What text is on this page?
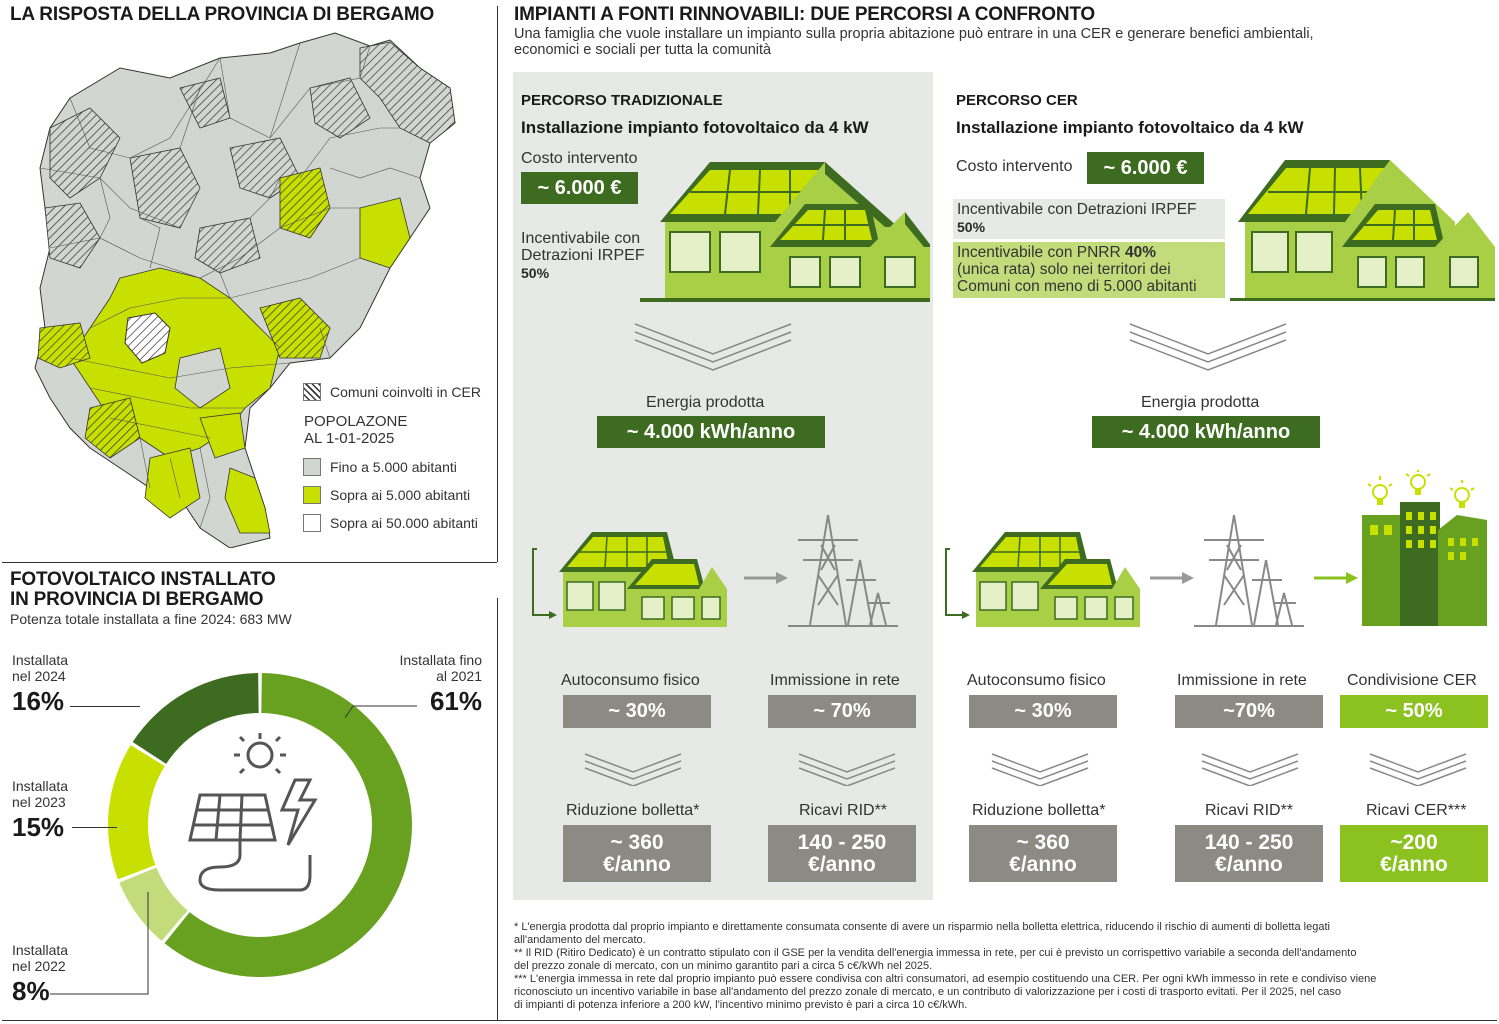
LA RISPOSTA DELLA PROVINCIA DI BERGAMO
Comuni coinvolti in CER
POPOLAZONE
AL 1-01-2025
Fino a 5.000 abitanti
Sopra ai 5.000 abitanti
Sopra ai 50.000 abitanti
FOTOVOLTAICO INSTALLATO
IN PROVINCIA DI BERGAMO
Potenza totale installata a fine 2024: 683 MW
Installata
nel 2024
16%
Installata
nel 2023
15%
Installata
nel 2022
8%
Installata fino
al 2021
61%
IMPIANTI A FONTI RINNOVABILI: DUE PERCORSI A CONFRONTO
Una famiglia che vuole installare un impianto sulla propria abitazione può entrare in una CER e generare benefici ambientali,
economici e sociali per tutta la comunità
PERCORSO TRADIZIONALE
Installazione impianto fotovoltaico da 4 kW
Costo intervento
~ 6.000 €
Incentivabile con
Detrazioni IRPEF
50%
Energia prodotta
~ 4.000 kWh/anno
Autoconsumo fisico
~ 30%
Immissione in rete
~ 70%
Riduzione bolletta*
~ 360
€/anno
Ricavi RID**
140 - 250
€/anno
PERCORSO CER
Installazione impianto fotovoltaico da 4 kW
Costo intervento	~ 6.000 €
Incentivabile con Detrazioni IRPEF
50%
Incentivabile con PNRR 40%
(unica rata) solo nei territori dei
Comuni con meno di 5.000 abitanti
Energia prodotta
~ 4.000 kWh/anno
Autoconsumo fisico
~ 30%
Immissione in rete
~70%
Condivisione CER
~ 50%
Riduzione bolletta*
~ 360
€/anno
Ricavi RID**
140 - 250
€/anno
Ricavi CER***
~200
€/anno
* L'energia prodotta dal proprio impianto e direttamente consumata consente di avere un risparmio nella bolletta elettrica, riducendo il rischio di aumenti di bolletta legati
all'andamento del mercato.
** Il RID (Ritiro Dedicato) è un contratto stipulato con il GSE per la vendita dell'energia immessa in rete, per cui è previsto un corrispettivo variabile a seconda dell'andamento
del prezzo zonale di mercato, con un minimo garantito pari a circa 5 c€/kWh nel 2025.
*** L'energia immessa in rete dal proprio impianto può essere condivisa con altri consumatori, ad esempio costituendo una CER. Per ogni kWh immesso in rete e condiviso viene
riconosciuto un incentivo variabile in base all'andamento del prezzo zonale di mercato, e un contributo di valorizzazione per i costi di trasporto evitati. Per il 2025, nel caso
di impianti di potenza inferiore a 200 kW, l'incentivo minimo previsto è pari a circa 10 c€/kWh.
